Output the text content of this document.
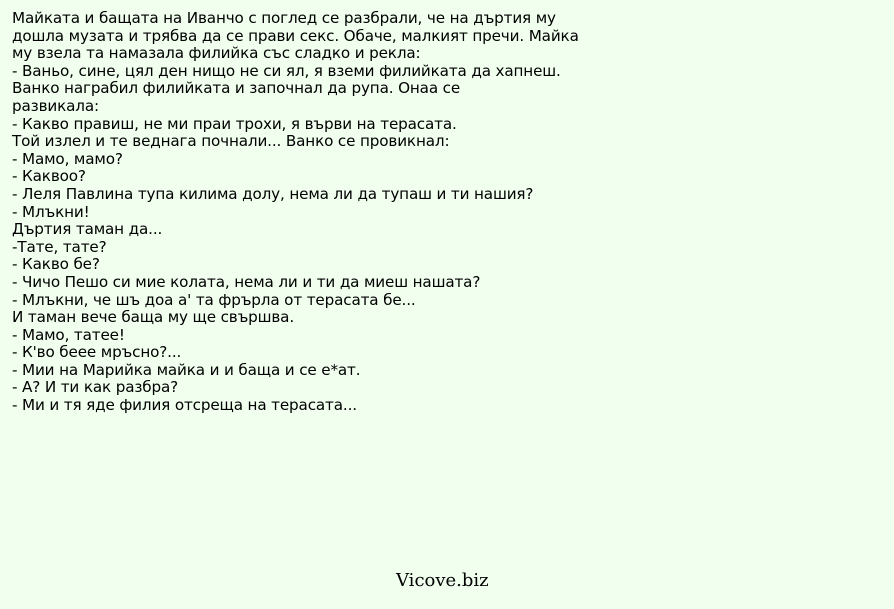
Майката и бащата на Иванчо с поглед се разбрали, че на дъртия му дошла музата и трябва да се прави секс. Обаче, малкият пречи. Майка му взела та намазала филийка със сладко и рекла:
- Ваньо, сине, цял ден нищо не си ял, я вземи филийката да хапнеш.
Ванко награбил филийката и започнал да рупа. Онаа се развикала:
- Какво правиш, не ми праи трохи, я върви на терасата.
Той излел и те веднага почнали... Ванко се провикнал:
- Мамо, мамо?
- Каквоо?
- Леля Павлина тупа килима долу, нема ли да тупаш и ти нашия?
- Млъкни!
Дъртия таман да...
-Тате, тате?
- Какво бе?
- Чичо Пешо си мие колата, нема ли и ти да миеш нашата?
- Млъкни, че шъ доа а' та фрърла от терасата бе...
И таман вече баща му ще свършва.
- Мамо, татее!
- К'во беее мръсно?...
- Мии на Марийка майка и и баща и се е*ат.
- А? И ти как разбра?
- Ми и тя яде филия отсреща на терасата...
Vicove.biz
